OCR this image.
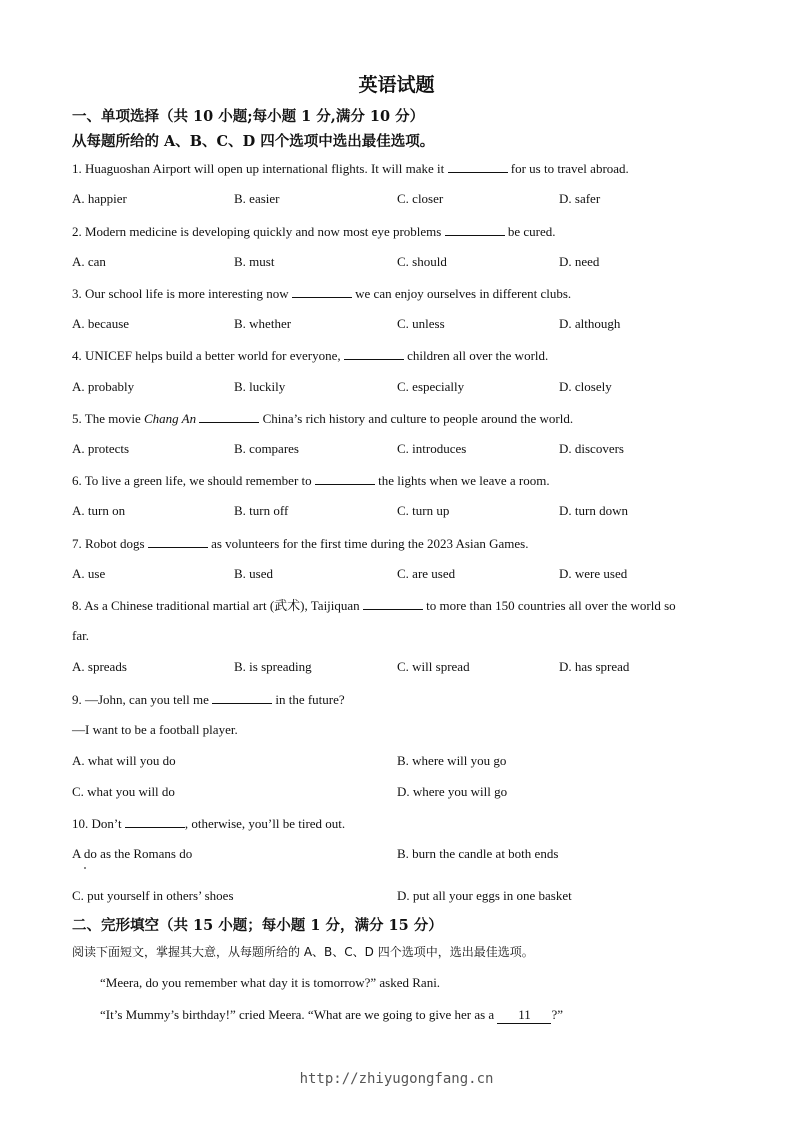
英语试题
一、单项选择（共 10 小题;每小题 1 分,满分 10 分）
从每题所给的 A、B、C、D 四个选项中选出最佳选项。
1. Huaguoshan Airport will open up international flights. It will make it	for us to travel abroad.
A. happier	B. easier	C. closer	D. safer
2. Modern medicine is developing quickly and now most eye problems	be cured.
A. can	B. must	C. should	D. need
3. Our school life is more interesting now	we can enjoy ourselves in different clubs.
A. because	B. whether	C. unless	D. although
4. UNICEF helps build a better world for everyone,	children all over the world.
A. probably	B. luckily	C. especially	D. closely
5. The movie Chang An	China’s rich history and culture to people around the world.
A. protects	B. compares	C. introduces	D. discovers
6. To live a green life, we should remember to	the lights when we leave a room.
A. turn on	B. turn off	C. turn up	D. turn down
7. Robot dogs	as volunteers for the first time during the 2023 Asian Games.
A. use	B. used	C. are used	D. were used
8. As a Chinese traditional martial art (武术), Taijiquan	to more than 150 countries all over the world so
far.
A. spreads	B. is spreading	C. will spread	D. has spread
9. —John, can you tell me	in the future?
—I want to be a football player.
A. what will you do	B. where will you go
C. what you will do	D. where you will go
10. Don’t	, otherwise, you’ll be tired out.
A do as the Romans do	B. burn the candle at both ends
C. put yourself in others’ shoes	D. put all your eggs in one basket
二、完形填空（共 15 小题；每小题 1 分，满分 15 分）
阅读下面短文，掌握其大意，从每题所给的 A、B、C、D 四个选项中，选出最佳选项。
“Meera, do you remember what day it is tomorrow?” asked Rani.
“It’s Mummy’s birthday!” cried Meera. “What are we going to give her as a 11 ?”
http://zhiyugongfang.cn
